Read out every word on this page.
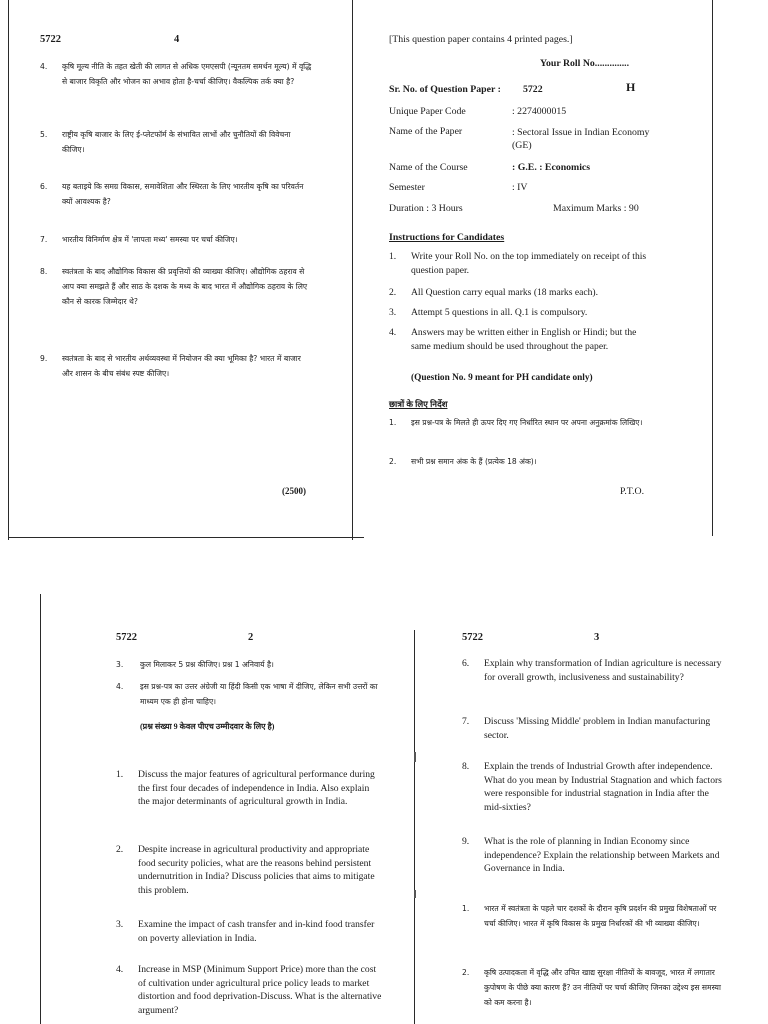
5722	4
4.	कृषि मूल्य नीति के तहत खेती की लागत से अधिक एमएसपी (न्यूनतम समर्थन मूल्य) में वृद्धि से बाजार विकृति और भोजन का अभाव होता है-चर्चा कीजिए। वैकल्पिक तर्क क्या है?
5.	राष्ट्रीय कृषि बाजार के लिए ई-प्लेटफॉर्म के संभावित लाभों और चुनौतियों की विवेचना कीजिए।
6.	यह बताइये कि समग्र विकास, समावेशिता और स्थिरता के लिए भारतीय कृषि का परिवर्तन क्यों आवश्यक है?
7.	भारतीय विनिर्माण क्षेत्र में 'लापता मध्य' समस्या पर चर्चा कीजिए।
8.	स्वतंत्रता के बाद औद्योगिक विकास की प्रवृत्तियों की व्याख्या कीजिए। औद्योगिक ठहराव से आप क्या समझते हैं और साठ के दशक के मध्य के बाद भारत में औद्योगिक ठहराव के लिए कौन से कारक जिम्मेदार थे?
9.	स्वतंत्रता के बाद से भारतीय अर्थव्यवस्था में नियोजन की क्या भूमिका है? भारत में बाजार और शासन के बीच संबंध स्पष्ट कीजिए।
(2500)
[This question paper contains 4 printed pages.]
Your Roll No..............
H
Sr. No. of Question Paper : 5722
Unique Paper Code	: 2274000015
Name of the Paper	: Sectoral Issue in Indian Economy (GE)
Name of the Course	: G.E. : Economics
Semester	: IV
Duration : 3 Hours	Maximum Marks : 90
Instructions for Candidates
1.	Write your Roll No. on the top immediately on receipt of this question paper.
2.	All Question carry equal marks (18 marks each).
3.	Attempt 5 questions in all. Q.1 is compulsory.
4.	Answers may be written either in English or Hindi; but the same medium should be used throughout the paper.
(Question No. 9 meant for PH candidate only)
छात्रों के लिए निर्देश
1.	इस प्रश्न-पत्र के मिलते ही ऊपर दिए गए निर्धारित स्थान पर अपना अनुक्रमांक लिखिए।
2.	सभी प्रश्न समान अंक के हैं (प्रत्येक 18 अंक)।
P.T.O.
5722	2
3.	कुल मिलाकर 5 प्रश्न कीजिए। प्रश्न 1 अनिवार्य है।
4.	इस प्रश्न-पत्र का उत्तर अंग्रेजी या हिंदी किसी एक भाषा में दीजिए, लेकिन सभी उत्तरों का माध्यम एक ही होना चाहिए।
(प्रश्न संख्या 9 केवल पीएच उम्मीदवार के लिए है)
1.	Discuss the major features of agricultural performance during the first four decades of independence in India. Also explain the major determinants of agricultural growth in India.
2.	Despite increase in agricultural productivity and appropriate food security policies, what are the reasons behind persistent undernutrition in India? Discuss policies that aims to mitigate this problem.
3.	Examine the impact of cash transfer and in-kind food transfer on poverty alleviation in India.
4.	Increase in MSP (Minimum Support Price) more than the cost of cultivation under agricultural price policy leads to market distortion and food deprivation-Discuss. What is the alternative argument?
5722	3
6.	Explain why transformation of Indian agriculture is necessary for overall growth, inclusiveness and sustainability?
7.	Discuss 'Missing Middle' problem in Indian manufacturing sector.
8.	Explain the trends of Industrial Growth after independence. What do you mean by Industrial Stagnation and which factors were responsible for industrial stagnation in India after the mid-sixties?
9.	What is the role of planning in Indian Economy since independence? Explain the relationship between Markets and Governance in India.
1.	भारत में स्वतंत्रता के पहले चार दशकों के दौरान कृषि प्रदर्शन की प्रमुख विशेषताओं पर चर्चा कीजिए। भारत में कृषि विकास के प्रमुख निर्धारकों की भी व्याख्या कीजिए।
2.	कृषि उत्पादकता में वृद्धि और उचित खाद्य सुरक्षा नीतियों के बावजूद, भारत में लगातार कुपोषण के पीछे क्या कारण हैं? उन नीतियों पर चर्चा कीजिए जिनका उद्देश्य इस समस्या को कम करना है।
